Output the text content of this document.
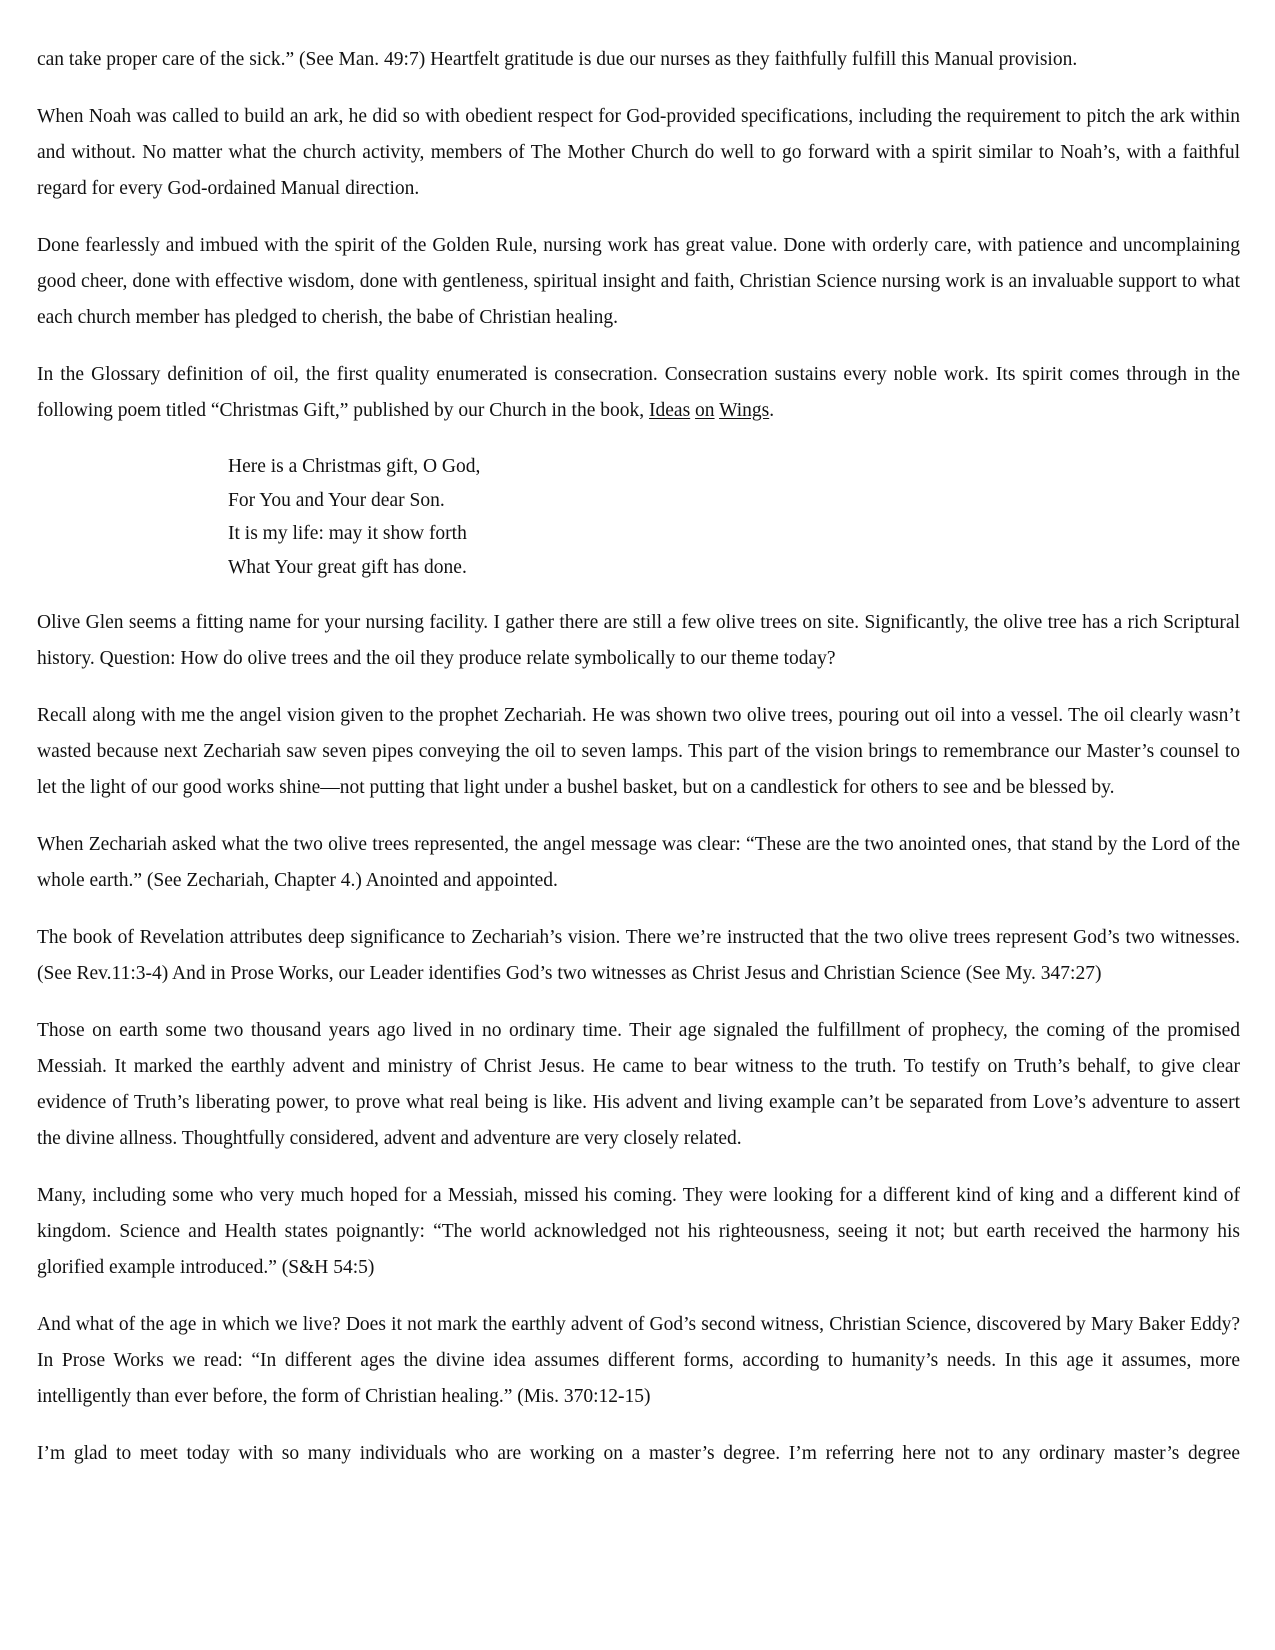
can take proper care of the sick.” (See Man. 49:7) Heartfelt gratitude is due our nurses as they faithfully fulfill this Manual provision.

When Noah was called to build an ark, he did so with obedient respect for God-provided specifications, including the requirement to pitch the ark within and without. No matter what the church activity, members of The Mother Church do well to go forward with a spirit similar to Noah’s, with a faithful regard for every God-ordained Manual direction.

Done fearlessly and imbued with the spirit of the Golden Rule, nursing work has great value. Done with orderly care, with patience and uncomplaining good cheer, done with effective wisdom, done with gentleness, spiritual insight and faith, Christian Science nursing work is an invaluable support to what each church member has pledged to cherish, the babe of Christian healing.

In the Glossary definition of oil, the first quality enumerated is consecration. Consecration sustains every noble work. Its spirit comes through in the following poem titled “Christmas Gift,” published by our Church in the book, Ideas on Wings.

Here is a Christmas gift, O God,
For You and Your dear Son.
It is my life: may it show forth
What Your great gift has done.

Olive Glen seems a fitting name for your nursing facility. I gather there are still a few olive trees on site. Significantly, the olive tree has a rich Scriptural history. Question: How do olive trees and the oil they produce relate symbolically to our theme today?

Recall along with me the angel vision given to the prophet Zechariah. He was shown two olive trees, pouring out oil into a vessel. The oil clearly wasn’t wasted because next Zechariah saw seven pipes conveying the oil to seven lamps. This part of the vision brings to remembrance our Master’s counsel to let the light of our good works shine—not putting that light under a bushel basket, but on a candlestick for others to see and be blessed by.

When Zechariah asked what the two olive trees represented, the angel message was clear: “These are the two anointed ones, that stand by the Lord of the whole earth.” (See Zechariah, Chapter 4.) Anointed and appointed.

The book of Revelation attributes deep significance to Zechariah’s vision. There we’re instructed that the two olive trees represent God’s two witnesses. (See Rev.11:3-4) And in Prose Works, our Leader identifies God’s two witnesses as Christ Jesus and Christian Science (See My. 347:27)

Those on earth some two thousand years ago lived in no ordinary time. Their age signaled the fulfillment of prophecy, the coming of the promised Messiah. It marked the earthly advent and ministry of Christ Jesus. He came to bear witness to the truth. To testify on Truth’s behalf, to give clear evidence of Truth’s liberating power, to prove what real being is like. His advent and living example can’t be separated from Love’s adventure to assert the divine allness. Thoughtfully considered, advent and adventure are very closely related.

Many, including some who very much hoped for a Messiah, missed his coming. They were looking for a different kind of king and a different kind of kingdom. Science and Health states poignantly: “The world acknowledged not his righteousness, seeing it not; but earth received the harmony his glorified example introduced.” (S&H 54:5)

And what of the age in which we live? Does it not mark the earthly advent of God’s second witness, Christian Science, discovered by Mary Baker Eddy? In Prose Works we read: “In different ages the divine idea assumes different forms, according to humanity’s needs. In this age it assumes, more intelligently than ever before, the form of Christian healing.” (Mis. 370:12-15)

I’m glad to meet today with so many individuals who are working on a master’s degree. I’m referring here not to any ordinary master’s degree
